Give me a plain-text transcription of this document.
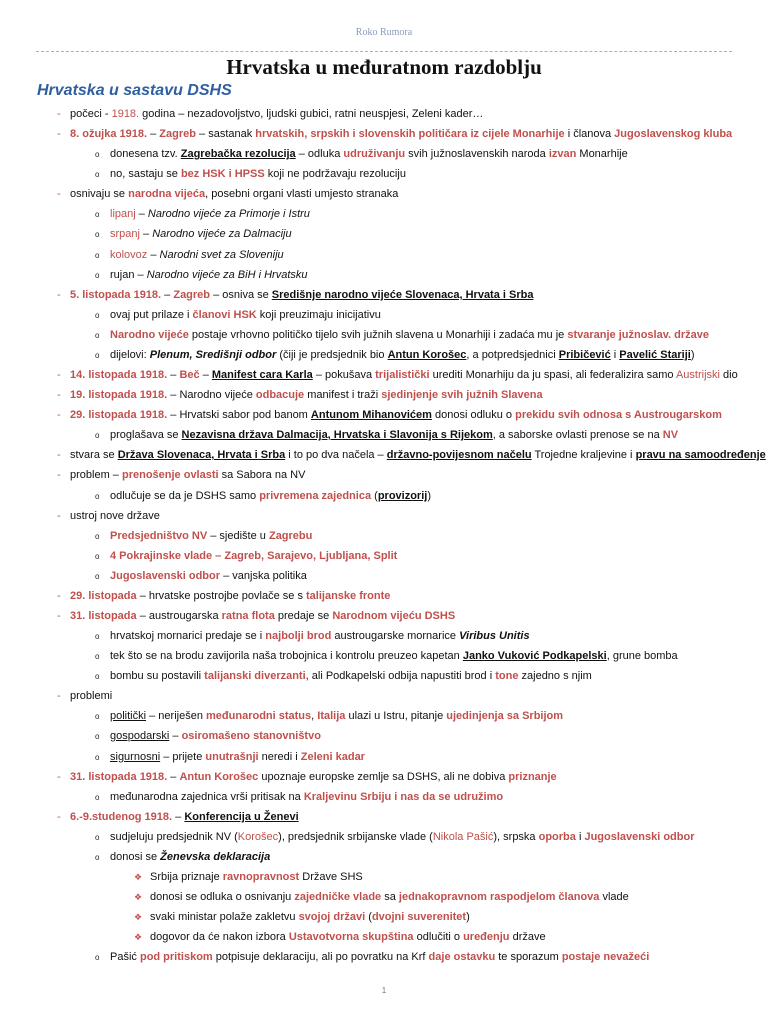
Roko Rumora
Hrvatska u međuratnom razdoblju
Hrvatska u sastavu DSHS
- počeci - 1918. godina – nezadovoljstvo, ljudski gubici, ratni neuspjesi, Zeleni kader…
- 8. ožujka 1918. – Zagreb – sastanak hrvatskih, srpskih i slovenskih političara iz cijele Monarhije i članova Jugoslavenskog kluba
o donesena tzv. Zagrebačka rezolucija – odluka udruživanju svih južnoslavenskih naroda izvan Monarhije
o no, sastaju se bez HSK i HPSS koji ne podržavaju rezoluciju
- osnivaju se narodna vijeća, posebni organi vlasti umjesto stranaka
o lipanj – Narodno vijeće za Primorje i Istru
o srpanj – Narodno vijeće za Dalmaciju
o kolovoz – Narodni svet za Sloveniju
o rujan – Narodno vijeće za BiH i Hrvatsku
- 5. listopada 1918. – Zagreb – osniva se Središnje narodno vijeće Slovenaca, Hrvata i Srba
o ovaj put prilaze i članovi HSK koji preuzimaju inicijativu
o Narodno vijeće postaje vrhovno političko tijelo svih južnih slavena u Monarhiji i zadaća mu je stvaranje južnoslav. države
o dijelovi: Plenum, Središnji odbor (čiji je predsjednik bio Antun Korošec, a potpredsjednici Pribičević i Pavelić Stariji)
- 14. listopada 1918. – Beč – Manifest cara Karla – pokušava trijalistički urediti Monarhiju da ju spasi, ali federalizira samo Austrijski dio
- 19. listopada 1918. – Narodno vijeće odbacuje manifest i traži sjedinjenje svih južnih Slavena
- 29. listopada 1918. – Hrvatski sabor pod banom Antunom Mihanovićem donosi odluku o prekidu svih odnosa s Austrougarskom
o proglašava se Nezavisna država Dalmacija, Hrvatska i Slavonija s Rijekom, a saborske ovlasti prenose se na NV
- stvara se Država Slovenaca, Hrvata i Srba i to po dva načela – državno-povijesnom načelu Trojedne kraljevine i pravu na samoodređenje
- problem – prenošenje ovlasti sa Sabora na NV
o odlučuje se da je DSHS samo privremena zajednica (provizorij)
- ustroj nove države
o Predsjedništvo NV – sjedište u Zagrebu
o 4 Pokrajinske vlade – Zagreb, Sarajevo, Ljubljana, Split
o Jugoslavenski odbor – vanjska politika
- 29. listopada – hrvatske postrojbe povlače se s talijanske fronte
- 31. listopada – austrougarska ratna flota predaje se Narodnom vijeću DSHS
o hrvatskoj mornarici predaje se i najbolji brod austrougarske mornarice Viribus Unitis
o tek što se na brodu zavijorila naša trobojnica i kontrolu preuzeo kapetan Janko Vuković Podkapelski, grune bomba
o bombu su postavili talijanski diverzanti, ali Podkapelski odbija napustiti brod i tone zajedno s njim
- problemi
o politički – neriješen međunarodni status, Italija ulazi u Istru, pitanje ujedinjenja sa Srbijom
o gospodarski – osiromašeno stanovništvo
o sigurnosni – prijete unutrašnji neredi i Zeleni kadar
- 31. listopada 1918. – Antun Korošec upoznaje europske zemlje sa DSHS, ali ne dobiva priznanje
o međunarodna zajednica vrši pritisak na Kraljevinu Srbiju i nas da se udružimo
- 6.-9.studenog 1918. – Konferencija u Ženevi
o sudjeluju predsjednik NV (Korošec), predsjednik srbijanske vlade (Nikola Pašić), srpska oporba i Jugoslavenski odbor
o donosi se Ženevska deklaracija
❖ Srbija priznaje ravnopravnost Države SHS
❖ donosi se odluka o osnivanju zajedničke vlade sa jednakopravnom raspodjelom članova vlade
❖ svaki ministar polaže zakletvu svojoj državi (dvojni suverenitet)
❖ dogovor da će nakon izbora Ustavotvorna skupština odlučiti o uređenju države
o Pašić pod pritiskom potpisuje deklaraciju, ali po povratku na Krf daje ostavku te sporazum postaje nevažeći
1
